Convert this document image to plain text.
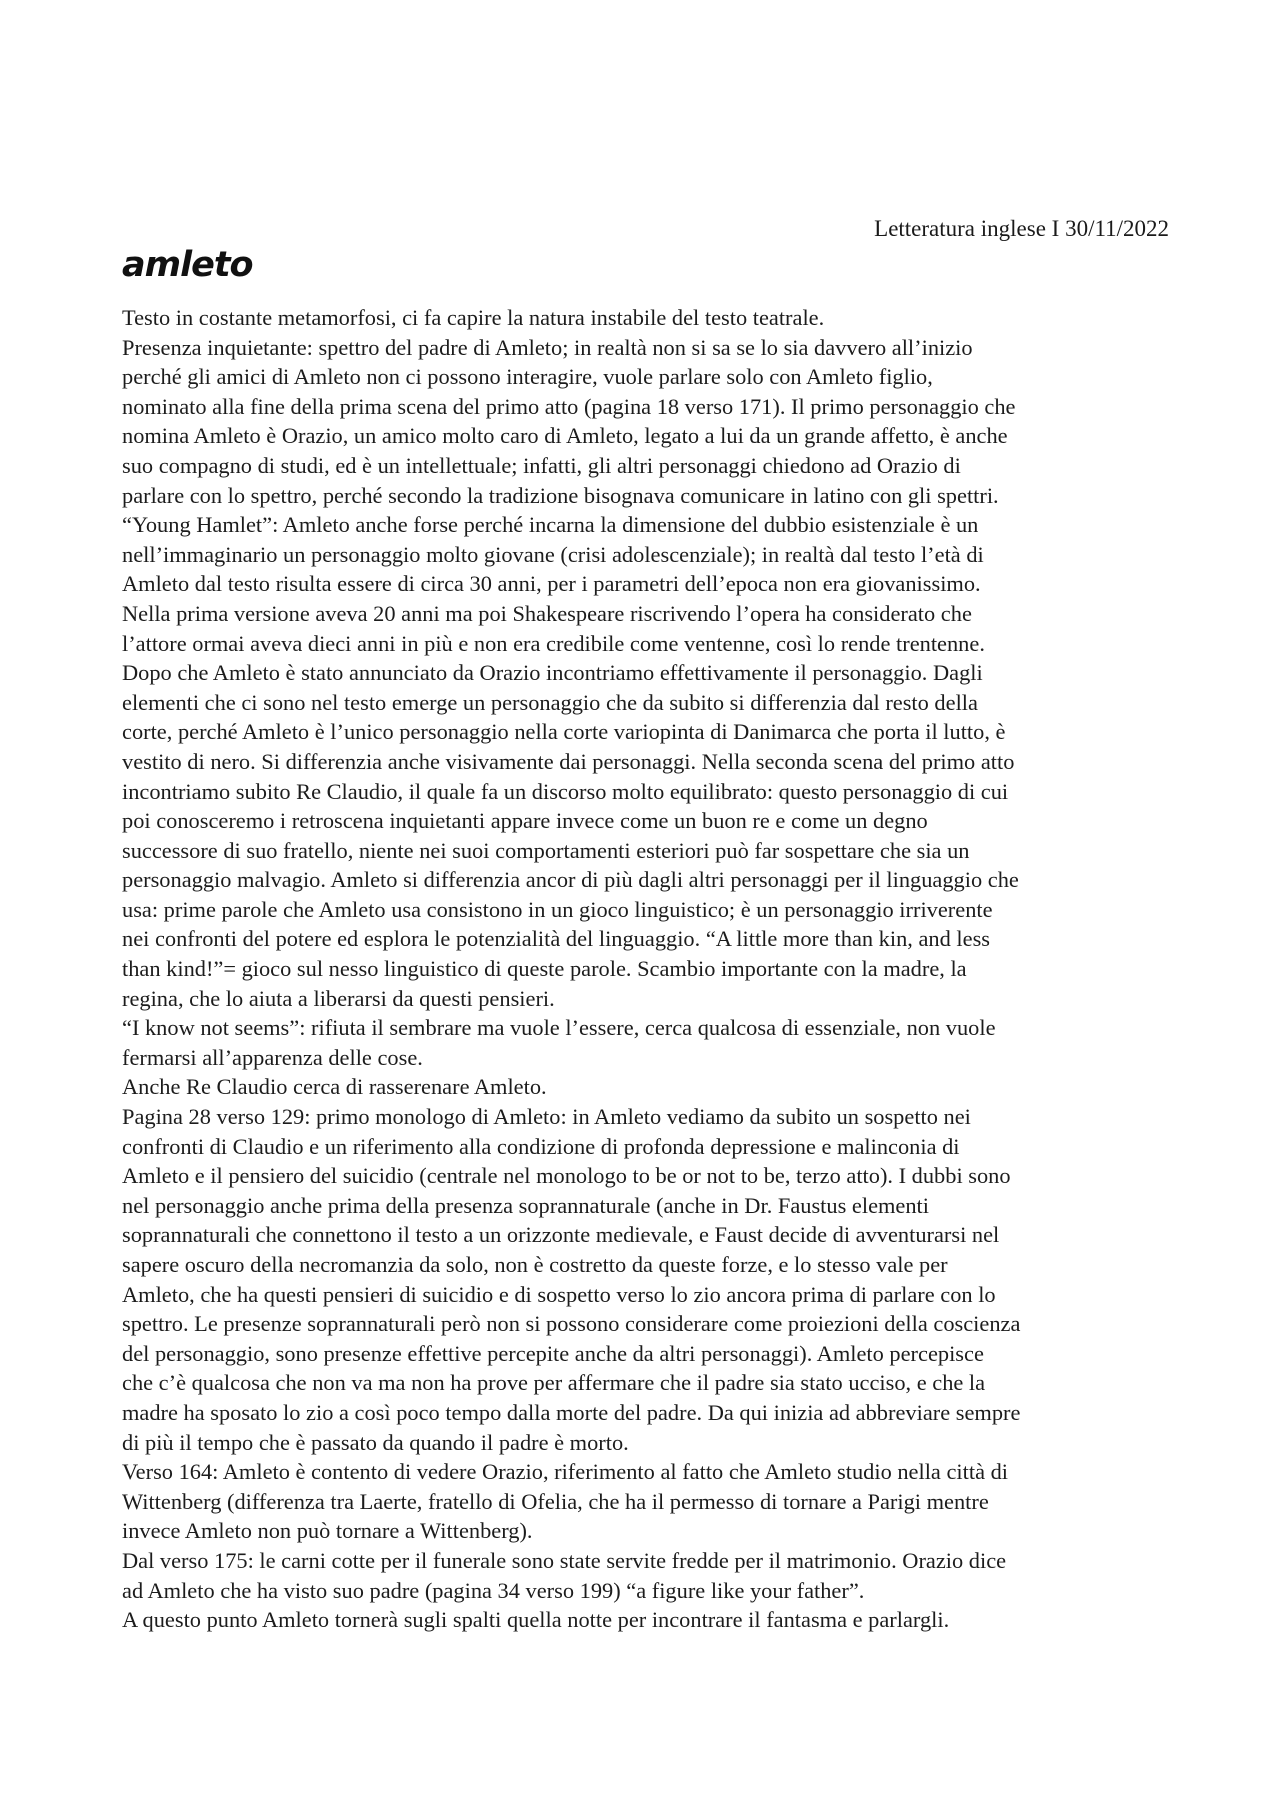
Letteratura inglese I 30/11/2022
amleto
Testo in costante metamorfosi, ci fa capire la natura instabile del testo teatrale.
Presenza inquietante: spettro del padre di Amleto; in realtà non si sa se lo sia davvero all’inizio
perché gli amici di Amleto non ci possono interagire, vuole parlare solo con Amleto figlio,
nominato alla fine della prima scena del primo atto (pagina 18 verso 171). Il primo personaggio che
nomina Amleto è Orazio, un amico molto caro di Amleto, legato a lui da un grande affetto, è anche
suo compagno di studi, ed è un intellettuale; infatti, gli altri personaggi chiedono ad Orazio di
parlare con lo spettro, perché secondo la tradizione bisognava comunicare in latino con gli spettri.
“Young Hamlet”: Amleto anche forse perché incarna la dimensione del dubbio esistenziale è un
nell’immaginario un personaggio molto giovane (crisi adolescenziale); in realtà dal testo l’età di
Amleto dal testo risulta essere di circa 30 anni, per i parametri dell’epoca non era giovanissimo.
Nella prima versione aveva 20 anni ma poi Shakespeare riscrivendo l’opera ha considerato che
l’attore ormai aveva dieci anni in più e non era credibile come ventenne, così lo rende trentenne.
Dopo che Amleto è stato annunciato da Orazio incontriamo effettivamente il personaggio. Dagli
elementi che ci sono nel testo emerge un personaggio che da subito si differenzia dal resto della
corte, perché Amleto è l’unico personaggio nella corte variopinta di Danimarca che porta il lutto, è
vestito di nero. Si differenzia anche visivamente dai personaggi. Nella seconda scena del primo atto
incontriamo subito Re Claudio, il quale fa un discorso molto equilibrato: questo personaggio di cui
poi conosceremo i retroscena inquietanti appare invece come un buon re e come un degno
successore di suo fratello, niente nei suoi comportamenti esteriori può far sospettare che sia un
personaggio malvagio. Amleto si differenzia ancor di più dagli altri personaggi per il linguaggio che
usa: prime parole che Amleto usa consistono in un gioco linguistico; è un personaggio irriverente
nei confronti del potere ed esplora le potenzialità del linguaggio. “A little more than kin, and less
than kind!”= gioco sul nesso linguistico di queste parole. Scambio importante con la madre, la
regina, che lo aiuta a liberarsi da questi pensieri.
“I know not seems”: rifiuta il sembrare ma vuole l’essere, cerca qualcosa di essenziale, non vuole
fermarsi all’apparenza delle cose.
Anche Re Claudio cerca di rasserenare Amleto.
Pagina 28 verso 129: primo monologo di Amleto: in Amleto vediamo da subito un sospetto nei
confronti di Claudio e un riferimento alla condizione di profonda depressione e malinconia di
Amleto e il pensiero del suicidio (centrale nel monologo to be or not to be, terzo atto). I dubbi sono
nel personaggio anche prima della presenza soprannaturale (anche in Dr. Faustus elementi
soprannaturali che connettono il testo a un orizzonte medievale, e Faust decide di avventurarsi nel
sapere oscuro della necromanzia da solo, non è costretto da queste forze, e lo stesso vale per
Amleto, che ha questi pensieri di suicidio e di sospetto verso lo zio ancora prima di parlare con lo
spettro. Le presenze soprannaturali però non si possono considerare come proiezioni della coscienza
del personaggio, sono presenze effettive percepite anche da altri personaggi). Amleto percepisce
che c’è qualcosa che non va ma non ha prove per affermare che il padre sia stato ucciso, e che la
madre ha sposato lo zio a così poco tempo dalla morte del padre. Da qui inizia ad abbreviare sempre
di più il tempo che è passato da quando il padre è morto.
Verso 164: Amleto è contento di vedere Orazio, riferimento al fatto che Amleto studio nella città di
Wittenberg (differenza tra Laerte, fratello di Ofelia, che ha il permesso di tornare a Parigi mentre
invece Amleto non può tornare a Wittenberg).
Dal verso 175: le carni cotte per il funerale sono state servite fredde per il matrimonio. Orazio dice
ad Amleto che ha visto suo padre (pagina 34 verso 199) “a figure like your father”.
A questo punto Amleto tornerà sugli spalti quella notte per incontrare il fantasma e parlargli.
